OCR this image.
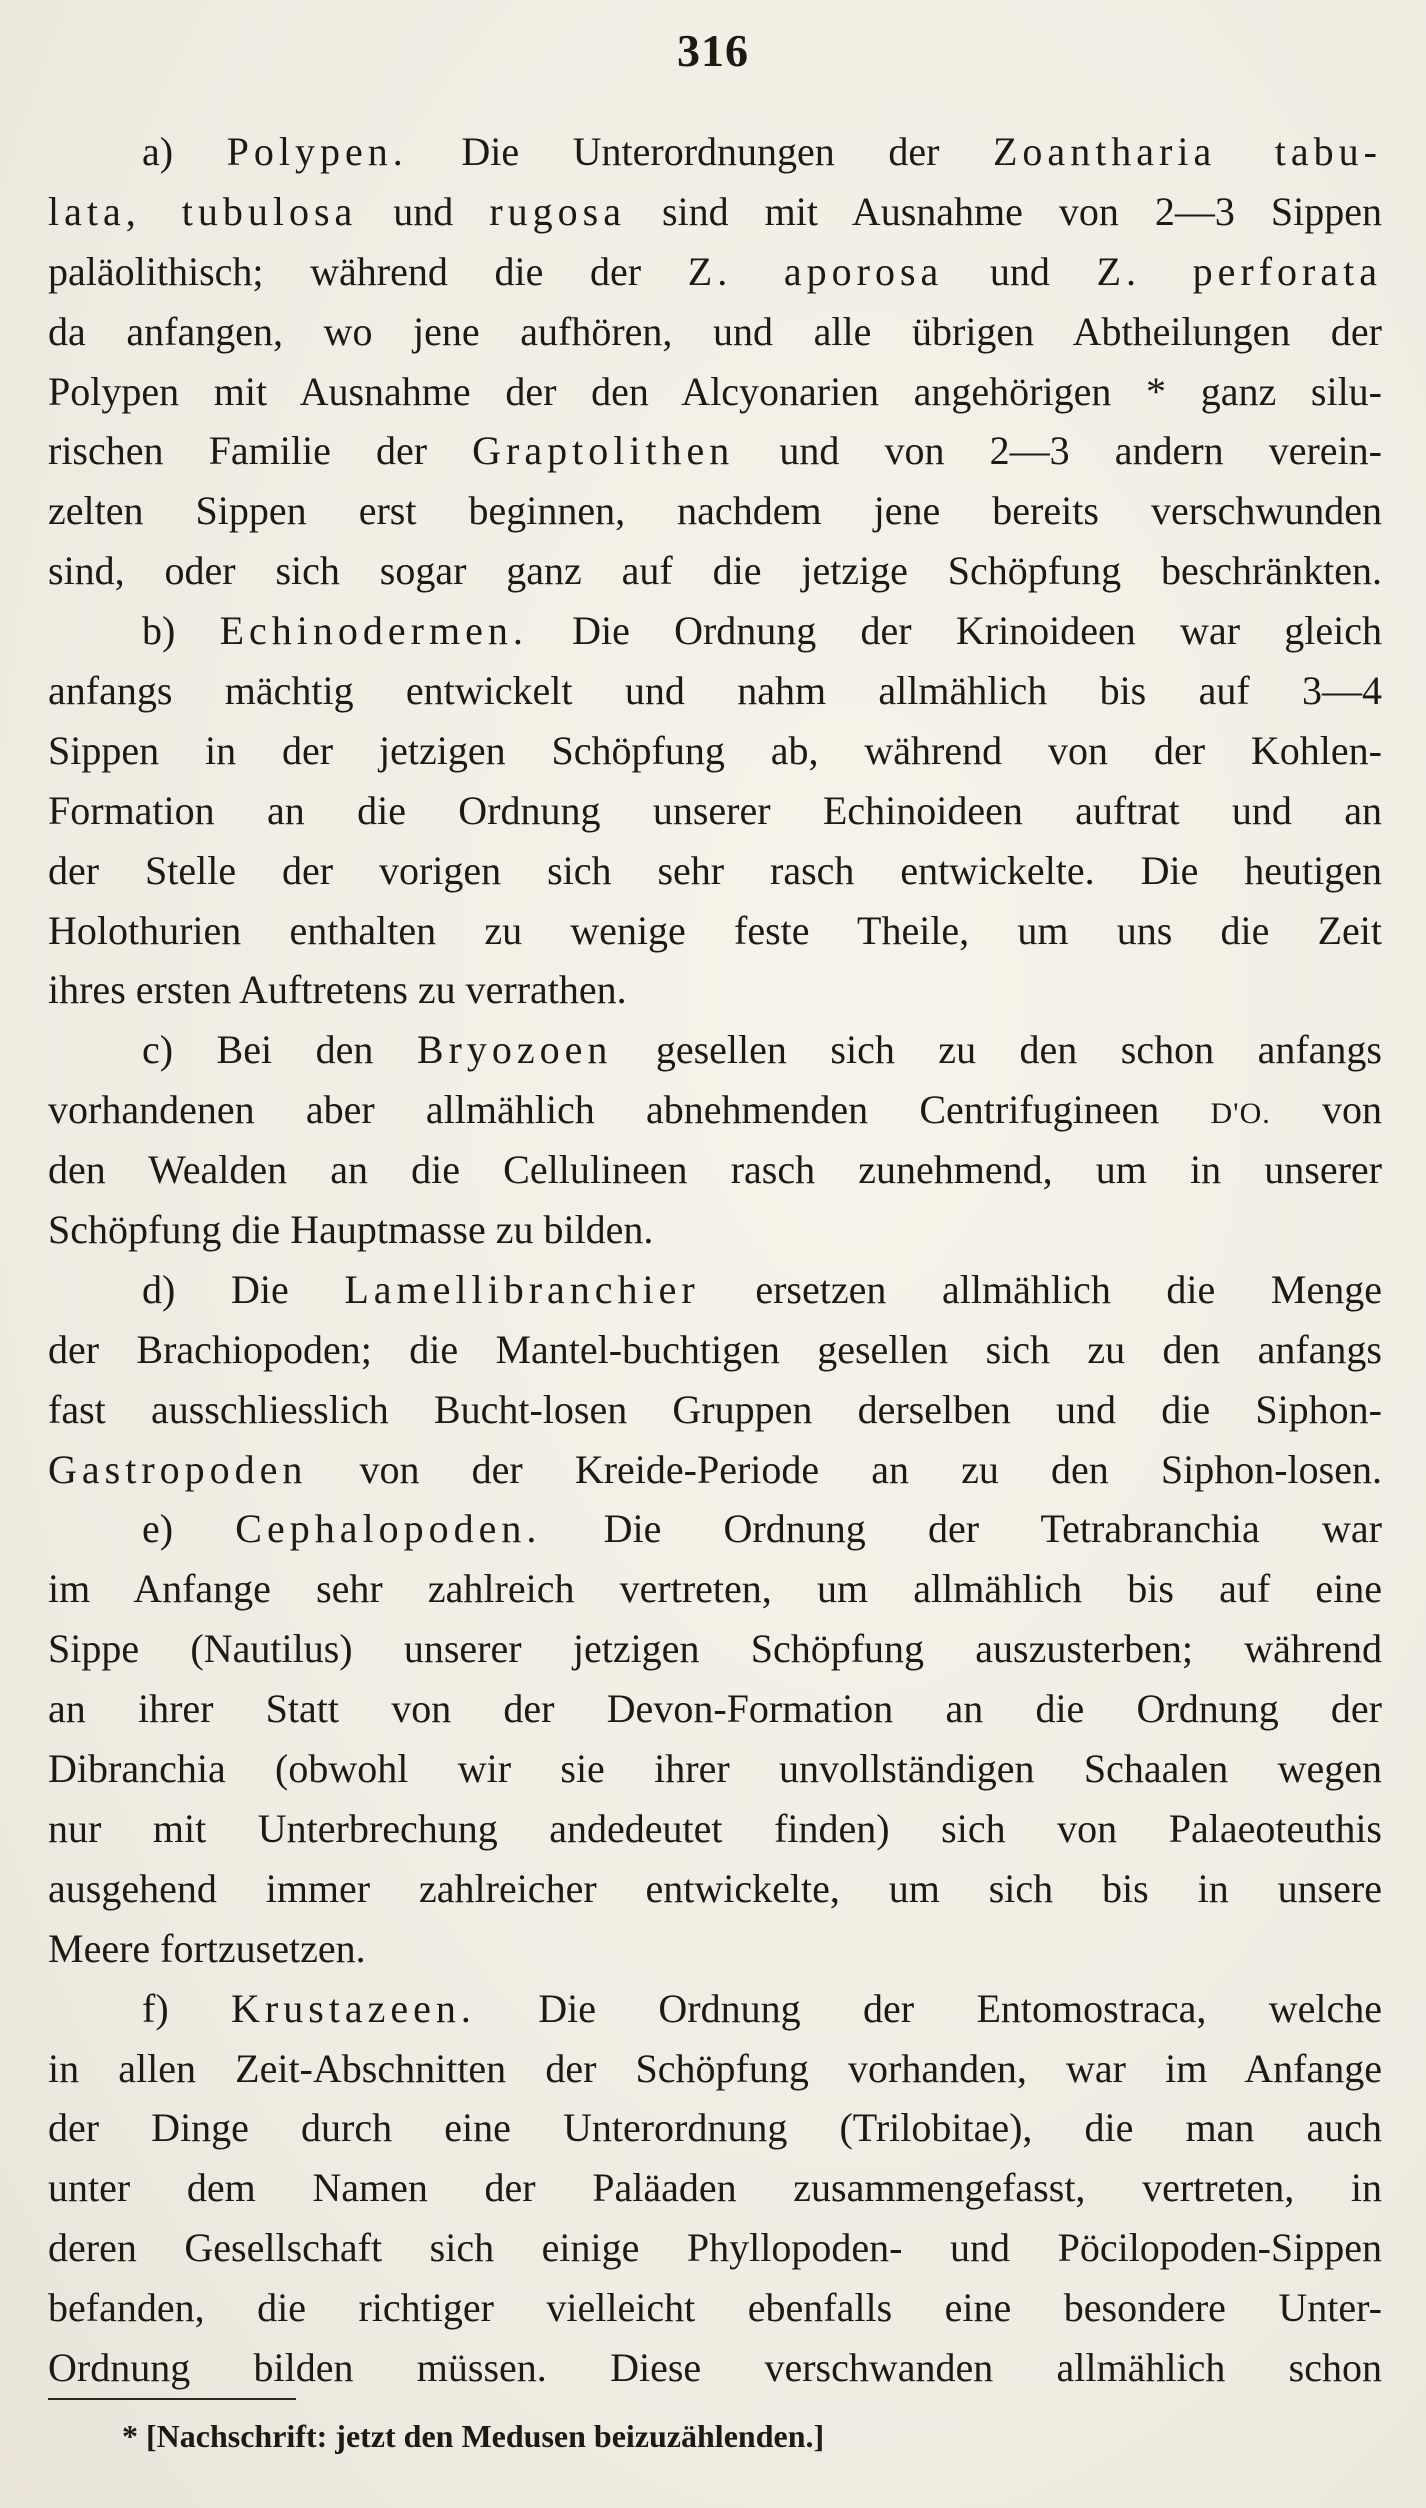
316
a) Polypen. Die Unterordnungen der Zoantharia tabu-
lata, tubulosa und rugosa sind mit Ausnahme von 2—3 Sippen
paläolithisch; während die der Z. aporosa und Z. perforata
da anfangen, wo jene aufhören, und alle übrigen Abtheilungen der
Polypen mit Ausnahme der den Alcyonarien angehörigen * ganz silu-
rischen Familie der Graptolithen und von 2—3 andern verein-
zelten Sippen erst beginnen, nachdem jene bereits verschwunden
sind, oder sich sogar ganz auf die jetzige Schöpfung beschränkten.
b) Echinodermen. Die Ordnung der Krinoideen war gleich
anfangs mächtig entwickelt und nahm allmählich bis auf 3—4
Sippen in der jetzigen Schöpfung ab, während von der Kohlen-
Formation an die Ordnung unserer Echinoideen auftrat und an
der Stelle der vorigen sich sehr rasch entwickelte. Die heutigen
Holothurien enthalten zu wenige feste Theile, um uns die Zeit
ihres ersten Auftretens zu verrathen.
c) Bei den Bryozoen gesellen sich zu den schon anfangs
vorhandenen aber allmählich abnehmenden Centrifugineen D'O. von
den Wealden an die Cellulineen rasch zunehmend, um in unserer
Schöpfung die Hauptmasse zu bilden.
d) Die Lamellibranchier ersetzen allmählich die Menge
der Brachiopoden; die Mantel-buchtigen gesellen sich zu den anfangs
fast ausschliesslich Bucht-losen Gruppen derselben und die Siphon-
Gastropoden von der Kreide-Periode an zu den Siphon-losen.
e) Cephalopoden. Die Ordnung der Tetrabranchia war
im Anfange sehr zahlreich vertreten, um allmählich bis auf eine
Sippe (Nautilus) unserer jetzigen Schöpfung auszusterben; während
an ihrer Statt von der Devon-Formation an die Ordnung der
Dibranchia (obwohl wir sie ihrer unvollständigen Schaalen wegen
nur mit Unterbrechung andedeutet finden) sich von Palaeoteuthis
ausgehend immer zahlreicher entwickelte, um sich bis in unsere
Meere fortzusetzen.
f) Krustazeen. Die Ordnung der Entomostraca, welche
in allen Zeit-Abschnitten der Schöpfung vorhanden, war im Anfange
der Dinge durch eine Unterordnung (Trilobitae), die man auch
unter dem Namen der Paläaden zusammengefasst, vertreten, in
deren Gesellschaft sich einige Phyllopoden- und Pöcilopoden-Sippen
befanden, die richtiger vielleicht ebenfalls eine besondere Unter-
Ordnung bilden müssen. Diese verschwanden allmählich schon
* [Nachschrift: jetzt den Medusen beizuzählenden.]
